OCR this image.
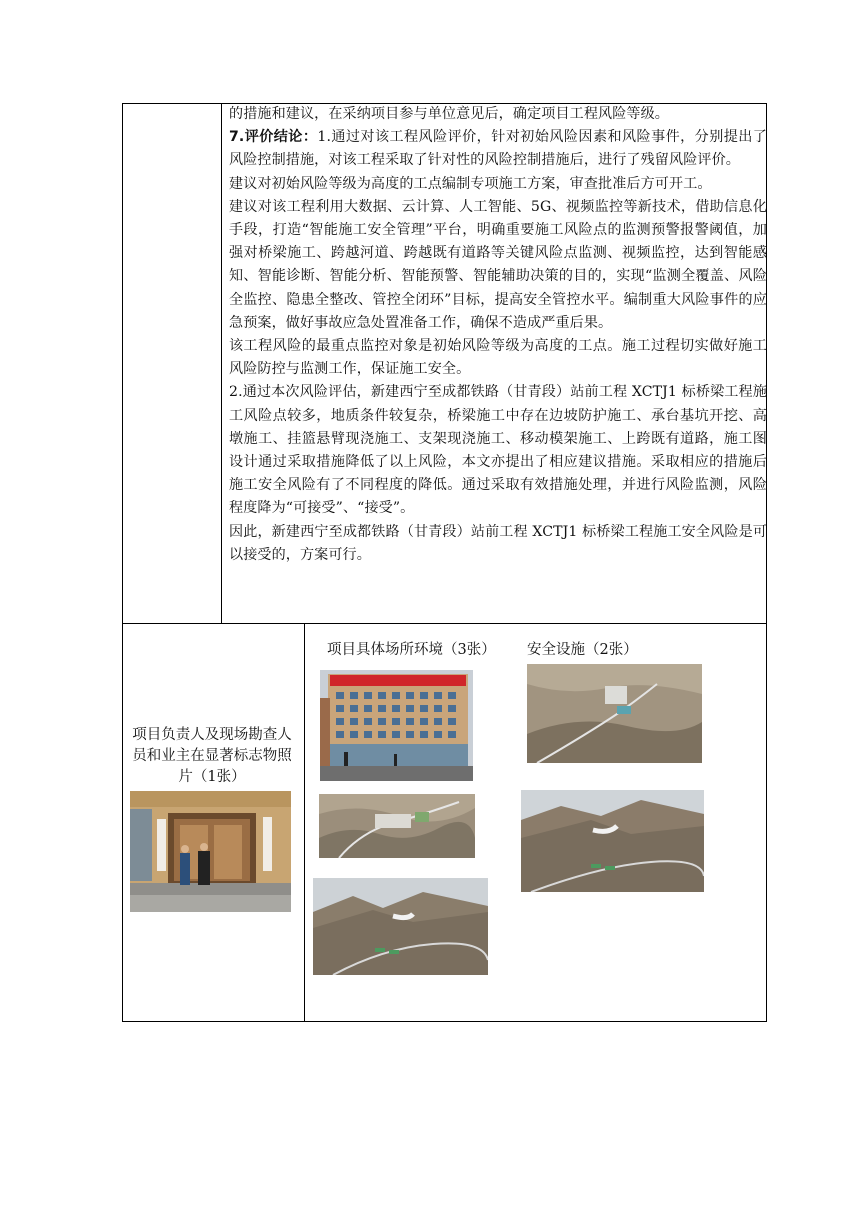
的措施和建议，在采纳项目参与单位意见后，确定项目工程风险等级。

7.评价结论：1.通过对该工程风险评价，针对初始风险因素和风险事件，分别提出了风险控制措施，对该工程采取了针对性的风险控制措施后，进行了残留风险评价。

建议对初始风险等级为高度的工点编制专项施工方案，审查批准后方可开工。

建议对该工程利用大数据、云计算、人工智能、5G、视频监控等新技术，借助信息化手段，打造“智能施工安全管理”平台，明确重要施工风险点的监测预警报警阈值，加强对桥梁施工、跨越河道、跨越既有道路等关键风险点监测、视频监控，达到智能感知、智能诊断、智能分析、智能预警、智能辅助决策的目的，实现“监测全覆盖、风险全监控、隐患全整改、管控全闭环”目标，提高安全管控水平。编制重大风险事件的应急预案，做好事故应急处置准备工作，确保不造成严重后果。

该工程风险的最重点监控对象是初始风险等级为高度的工点。施工过程切实做好施工风险防控与监测工作，保证施工安全。

2.通过本次风险评估，新建西宁至成都铁路（甘青段）站前工程 XCTJ1 标桥梁工程施工风险点较多，地质条件较复杂，桥梁施工中存在边坡防护施工、承台基坑开挖、高墩施工、挂篮悬臂现浇施工、支架现浇施工、移动模架施工、上跨既有道路，施工图设计通过采取措施降低了以上风险，本文亦提出了相应建议措施。采取相应的措施后施工安全风险有了不同程度的降低。通过采取有效措施处理，并进行风险监测，风险程度降为“可接受”、“接受”。

因此，新建西宁至成都铁路（甘青段）站前工程 XCTJ1 标桥梁工程施工安全风险是可以接受的，方案可行。

项目负责人及现场勘查人员和业主在显著标志物照片（1张）
项目具体场所环境（3张） 安全设施（2张）
